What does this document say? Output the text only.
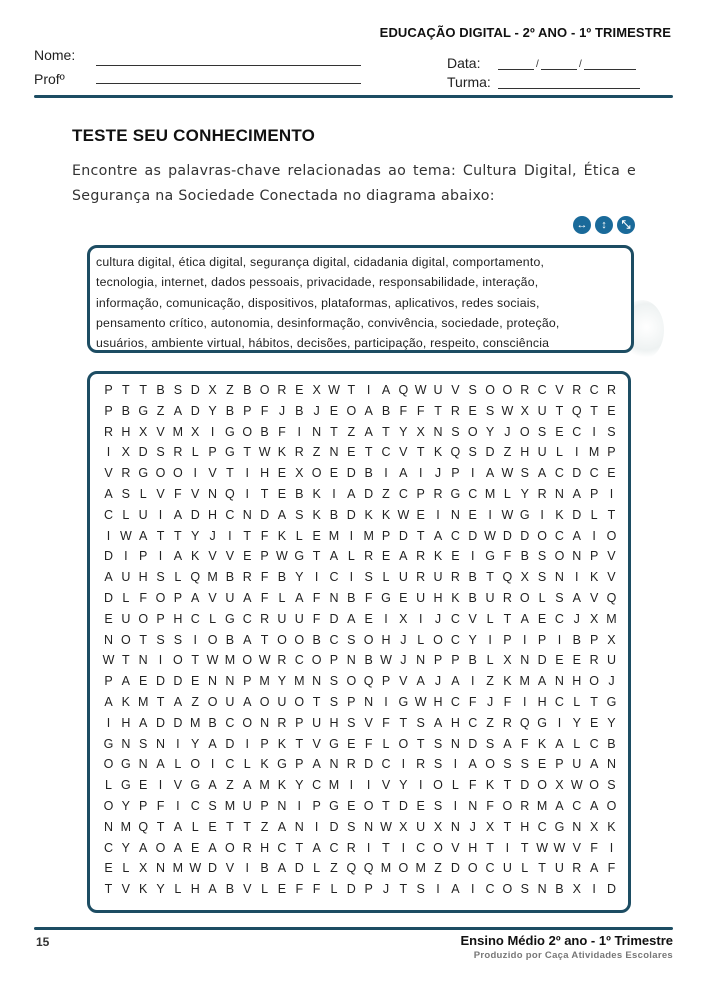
EDUCAÇÃO DIGITAL - 2º ANO - 1º TRIMESTRE
Nome:
Profº
Data:	/	/
Turma:
TESTE SEU CONHECIMENTO
Encontre as palavras-chave relacionadas ao tema: Cultura Digital, Ética e Segurança na Sociedade Conectada no diagrama abaixo:
↔	↕	⤡

cultura digital, ética digital, segurança digital, cidadania digital, comportamento,

tecnologia, internet, dados pessoais, privacidade, responsabilidade, interação,

informação, comunicação, dispositivos, plataformas, aplicativos, redes sociais,

pensamento crítico, autonomia, desinformação, convivência, sociedade, proteção,

usuários, ambiente virtual, hábitos, decisões, participação, respeito, consciência

P T T B S D X Z B O R E X W T I A Q W U V S O O R C V R C R
P B G Z A D Y B P F J B J E O A B F F T R E S W X U T Q T E
R H X V M X I G O B F I N T Z A T Y X N S O Y J O S E C I S
I X D S R L P G T W K R Z N E T C V T K Q S D Z H U L I M P
V R G O O I V T I H E X O E D B I A I J P I A W S A C D C E
A S L V F V N Q I T E B K I A D Z C P R G C M L Y R N A P I
C L U I A D H C N D A S K B D K K W E I N E I W G I K D L T
I W A T T Y J I T F K L E M I M P D T A C D W D D O C A I O
D I P I A K V V E P W G T A L R E A R K E I G F B S O N P V
A U H S L Q M B R F B Y I C I S L U R U R B T Q X S N I K V
D L F O P A V U A F L A F N B F G E U H K B U R O L S A V Q
E U O P H C L G C R U U F D A E I X I J C V L T A E C J X M
N O T S S I O B A T O O B C S O H J L O C Y I P I P I B P X
W T N I O T W M O W R C O P N B W J N P P B L X N D E E R U
P A E D D E N N P M Y M N S O Q P V A J A I Z K M A N H O J
A K M T A Z O U A O U O T S P N I G W H C F J F I H C L T G
I H A D D M B C O N R P U H S V F T S A H C Z R Q G I Y E Y
G N S N I Y A D I P K T V G E F L O T S N D S A F K A L C B
O G N A L O I C L K G P A N R D C I R S I A O S S E P U A N
L G E I V G A Z A M K Y C M I	I V Y I O L F K T D O X W O S
O Y P F I C S M U P N I P G E O T D E S I N F O R M A C A O
N M Q T A L E T T Z A N I D S N W X U X N J X T H C G N X K
C Y A O A E A O R H C T A C R I T I C O V H T I T W W V F I
E L X N M W D V I B A D L Z Q Q M O M Z D O C U L T U R A F
T V K Y L H A B V L E F F L D P J T S I A I C O S N B X I D
15	Ensino Médio 2º ano - 1º Trimestre
Produzido por Caça Atividades Escolares
